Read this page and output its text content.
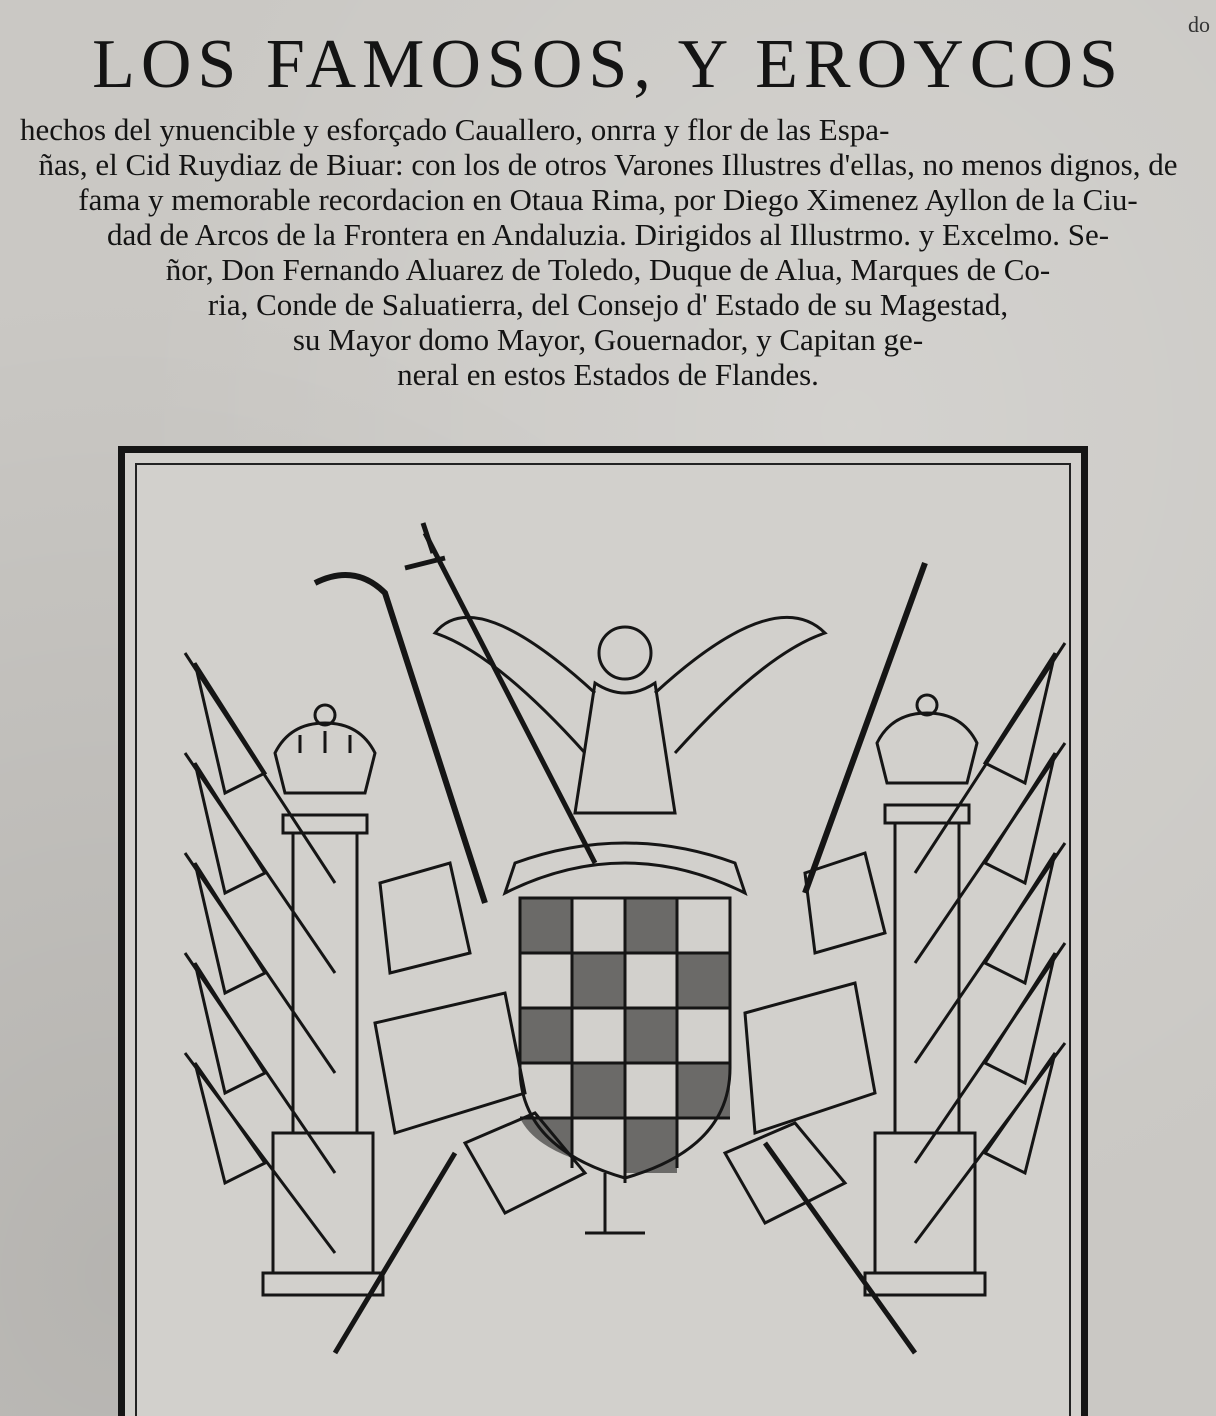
do
LOS FAMOSOS, Y EROYCOS
hechos del ynuencible y esforçado Cauallero, onrra y flor de las Espa-
ñas, el Cid Ruydiaz de Biuar: con los de otros Varones Illustres d'ellas, no menos dignos, de
fama y memorable recordacion en Otaua Rima, por Diego Ximenez Ayllon de la Ciu-
dad de Arcos de la Frontera en Andaluzia. Dirigidos al Illustrmo. y Excelmo. Se-
ñor, Don Fernando Aluarez de Toledo, Duque de Alua, Marques de Co-
ria, Conde de Saluatierra, del Consejo d' Estado de su Magestad,
su Mayor domo Mayor, Gouernador, y Capitan ge-
neral en estos Estados de Flandes.
